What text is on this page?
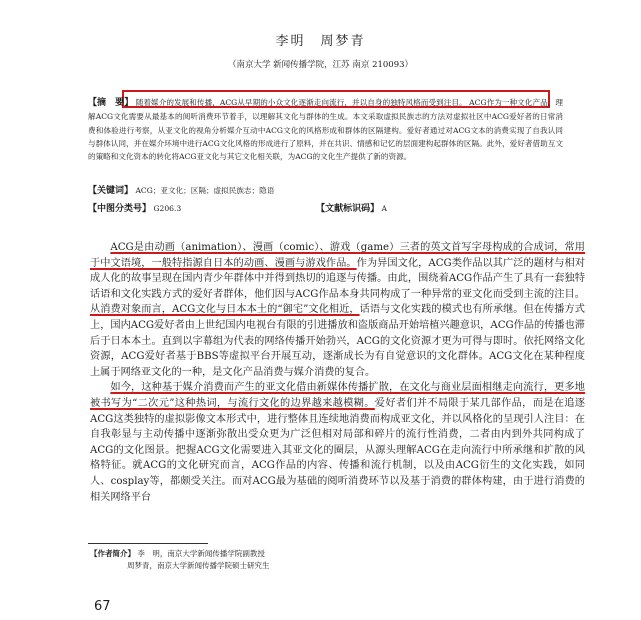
李明　周梦青
（南京大学 新闻传播学院，江苏 南京 210093）
【摘　要】 随着媒介的发展和传播，ACG从早期的小众文化逐渐走向流行，并以自身的独特风格而受到注目。 ACG作为一种文化产品，理解ACG文化需要从最基本的阅听消费环节着手，以理解其文化与群体的生成。本文采取虚拟民族志的方法对虚拟社区中ACG爱好者的日常消费和体验进行考察，从亚文化的视角分析媒介互动中ACG文化的风格形成和群体的区隔建构。爱好者通过对ACG文本的消费实现了自我认同与群体认同，并在媒介环境中进行ACG文化风格的形成进行了原料，并在共识、情感和记忆的层面建构起群体的区隔。此外，爱好者借助互文的策略和文化资本的转化将ACG亚文化与其它文化相关联，为ACG的文化生产提供了新的资源。
【关键词】 ACG；亚文化；区隔；虚拟民族志；隐语
【中图分类号】 G206.3	【文献标识码】 A

ACG是由动画（animation）、漫画（comic）、游戏（game）三者的英文首写字母构成的合成词，常用于中文语境，一般特指源自日本的动画、漫画与游戏作品。作为异国文化，ACG类作品以其广泛的题材与相对成人化的故事呈现在国内青少年群体中并得到热切的追逐与传播。由此，围绕着ACG作品产生了具有一套独特话语和文化实践方式的爱好者群体，他们因与ACG作品本身共同构成了一种异常的亚文化而受到主流的注目。从消费对象而言，ACG文化与日本本土的“御宅”文化相近，话语与文化实践的模式也有所承继。但在传播方式上，国内ACG爱好者由上世纪国内电视台有限的引进播放和盗版商品开始培植兴趣意识，ACG作品的传播也滞后于日本本土。直到以字幕组为代表的网络传播开始勃兴，ACG的文化资源才更为可得与即时。依托网络文化资源，ACG爱好者基于BBS等虚拟平台开展互动，逐渐成长为有自觉意识的文化群体。ACG文化在某种程度上属于网络亚文化的一种，是文化产品消费与媒介消费的复合。

如今，这种基于媒介消费而产生的亚文化借由新媒体传播扩散，在文化与商业层面相继走向流行，更多地被书写为“二次元”这种热词，与流行文化的边界越来越模糊。爱好者们并不局限于某几部作品，而是在追逐ACG这类独特的虚拟影像文本形式中，进行整体且连续地消费而构成亚文化，并以风格化的呈现引人注目：在自我彰显与主动传播中逐渐弥散出受众更为广泛但相对局部和碎片的流行性消费，二者由内到外共同构成了ACG的文化图景。把握ACG文化需要进入其亚文化的圈层，从源头理解ACG在走向流行中所承继和扩散的风格特征。就ACG的文化研究而言，ACG作品的内容、传播和流行机制，以及由ACG衍生的文化实践，如同人、cosplay等，都颇受关注。而对ACG最为基础的阅听消费环节以及基于消费的群体构建，由于进行消费的相关网络平台

【作者简介】 李　明，南京大学新闻传播学院副教授
周梦青，南京大学新闻传播学院硕士研究生
67
